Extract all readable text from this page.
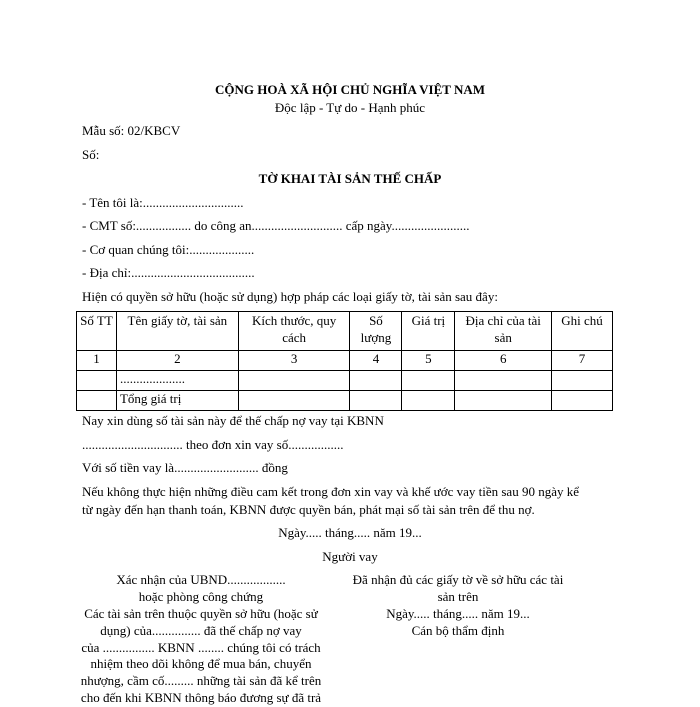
CỘNG HOÀ XÃ HỘI CHỦ NGHĨA VIỆT NAM
Độc lập - Tự do - Hạnh phúc
Mẫu số: 02/KBCV
Số:
TỜ KHAI TÀI SẢN THẾ CHẤP
- Tên tôi là:...............................
- CMT số:................. do công an............................ cấp ngày........................
- Cơ quan chúng tôi:....................
- Địa chỉ:......................................
Hiện có quyền sở hữu (hoặc sử dụng) hợp pháp các loại giấy tờ, tài sản sau đây:
Số TT	Tên giấy tờ, tài sản	Kích thước, quy cách	Số lượng	Giá trị	Địa chỉ của tài sản	Ghi chú
1	2	3	4	5	6	7
	....................					
	Tổng giá trị					
Nay xin dùng số tài sản này để thế chấp nợ vay tại KBNN
............................... theo đơn xin vay số.................
Với số tiền vay là.......................... đồng
Nếu không thực hiện những điều cam kết trong đơn xin vay và khế ước vay tiền sau 90 ngày kể
từ ngày đến hạn thanh toán, KBNN được quyền bán, phát mại số tài sản trên để thu nợ.
Ngày..... tháng..... năm 19...
Người vay
Xác nhận của UBND..................
hoặc phòng công chứng
Các tài sản trên thuộc quyền sở hữu (hoặc sử
dụng) của............... đã thế chấp nợ vay
của ................ KBNN ........ chúng tôi có trách
nhiệm theo dõi không để mua bán, chuyển
nhượng, cầm cố......... những tài sản đã kể trên
cho đến khi KBNN thông báo đương sự đã trả
Đã nhận đủ các giấy tờ về sở hữu các tài
sản trên
Ngày..... tháng..... năm 19...
Cán bộ thẩm định
